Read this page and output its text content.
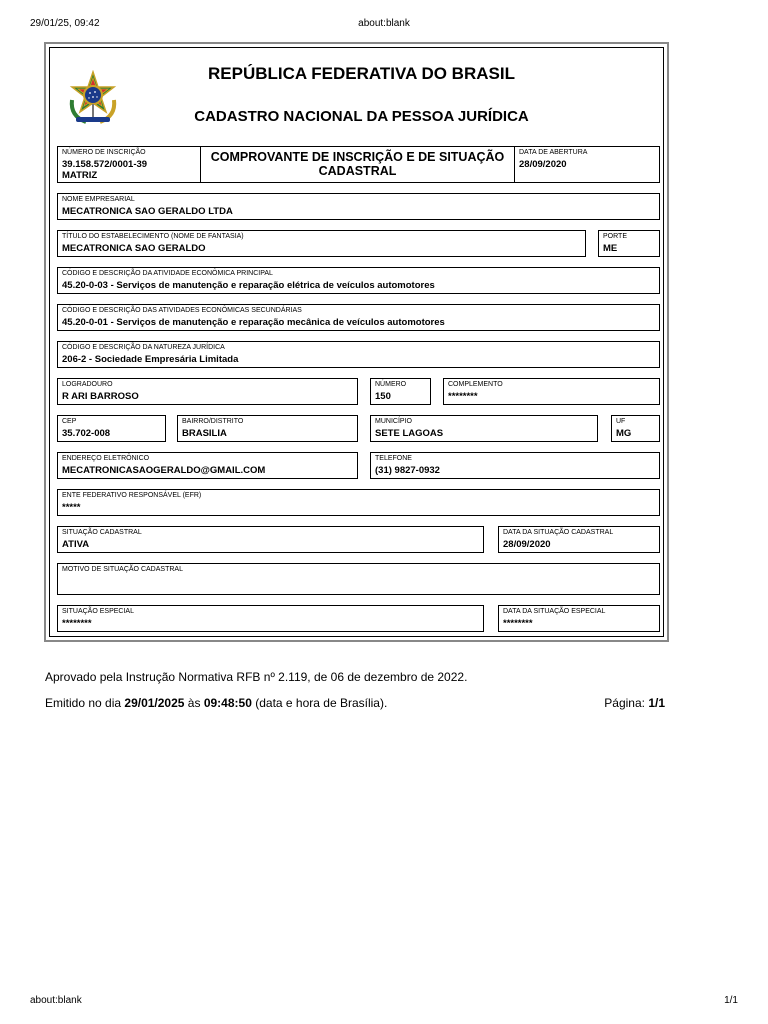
29/01/25, 09:42	about:blank
REPÚBLICA FEDERATIVA DO BRASIL
CADASTRO NACIONAL DA PESSOA JURÍDICA
NÚMERO DE INSCRIÇÃO
39.158.572/0001-39
MATRIZ
COMPROVANTE DE INSCRIÇÃO E DE SITUAÇÃO
CADASTRAL
DATA DE ABERTURA
28/09/2020
NOME EMPRESARIAL
MECATRONICA SAO GERALDO LTDA
TÍTULO DO ESTABELECIMENTO (NOME DE FANTASIA)
MECATRONICA SAO GERALDO
PORTE
ME
CÓDIGO E DESCRIÇÃO DA ATIVIDADE ECONÔMICA PRINCIPAL
45.20-0-03 - Serviços de manutenção e reparação elétrica de veículos automotores
CÓDIGO E DESCRIÇÃO DAS ATIVIDADES ECONÔMICAS SECUNDÁRIAS
45.20-0-01 - Serviços de manutenção e reparação mecânica de veículos automotores
CÓDIGO E DESCRIÇÃO DA NATUREZA JURÍDICA
206-2 - Sociedade Empresária Limitada
LOGRADOURO
R ARI BARROSO
NÚMERO
150
COMPLEMENTO
********
CEP
35.702-008
BAIRRO/DISTRITO
BRASILIA
MUNICÍPIO
SETE LAGOAS
UF
MG
ENDEREÇO ELETRÔNICO
MECATRONICASAOGERALDO@GMAIL.COM
TELEFONE
(31) 9827-0932
ENTE FEDERATIVO RESPONSÁVEL (EFR)
*****
SITUAÇÃO CADASTRAL
ATIVA
DATA DA SITUAÇÃO CADASTRAL
28/09/2020
MOTIVO DE SITUAÇÃO CADASTRAL
SITUAÇÃO ESPECIAL
********
DATA DA SITUAÇÃO ESPECIAL
********
Aprovado pela Instrução Normativa RFB nº 2.119, de 06 de dezembro de 2022.
Emitido no dia 29/01/2025 às 09:48:50 (data e hora de Brasília).	Página: 1/1
about:blank	1/1
